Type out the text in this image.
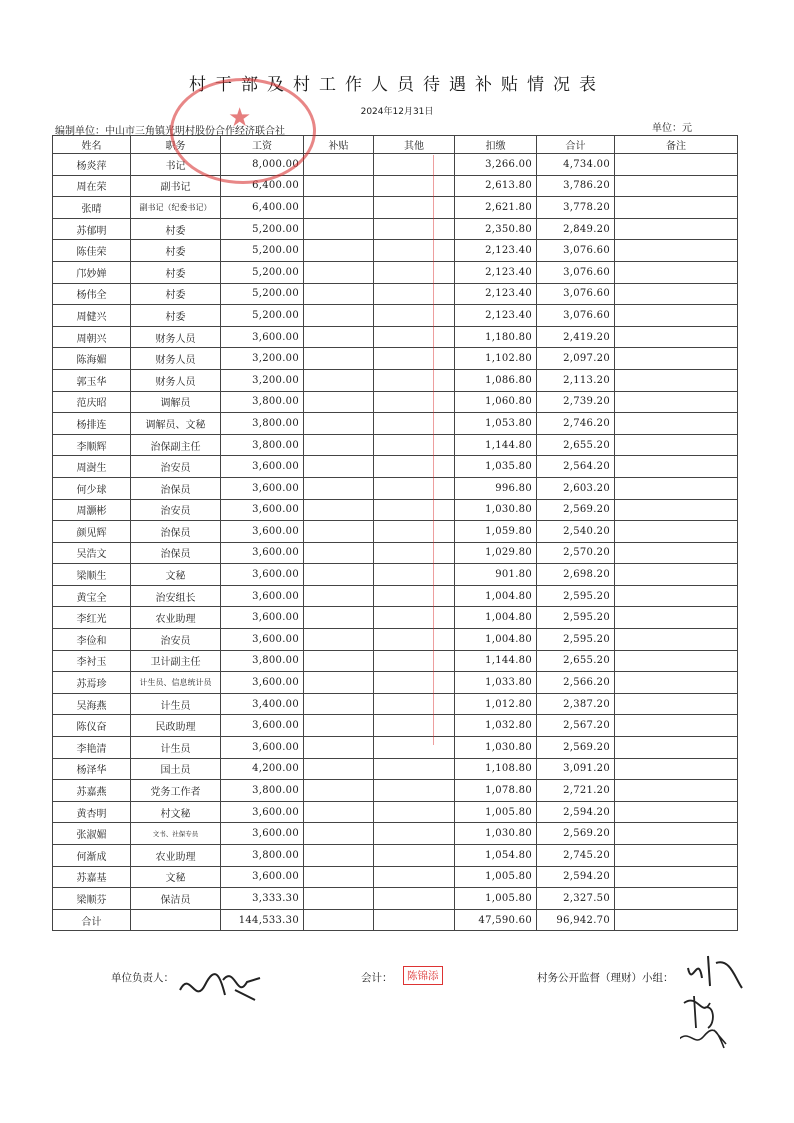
村干部及村工作人员待遇补贴情况表
2024年12月31日
编制单位：中山市三角镇光明村股份合作经济联合社	单位：元
姓名	职务	工资	补贴	其他	扣缴	合计	备注
杨炎萍	书记	8,000.00			3,266.00	4,734.00	
周在荣	副书记	6,400.00			2,613.80	3,786.20	
张晴	副书记（纪委书记）	6,400.00			2,621.80	3,778.20	
苏郁明	村委	5,200.00			2,350.80	2,849.20	
陈佳荣	村委	5,200.00			2,123.40	3,076.60	
邝妙婵	村委	5,200.00			2,123.40	3,076.60	
杨伟全	村委	5,200.00			2,123.40	3,076.60	
周健兴	村委	5,200.00			2,123.40	3,076.60	
周朝兴	财务人员	3,600.00			1,180.80	2,419.20	
陈海媚	财务人员	3,200.00			1,102.80	2,097.20	
郭玉华	财务人员	3,200.00			1,086.80	2,113.20	
范庆昭	调解员	3,800.00			1,060.80	2,739.20	
杨排连	调解员、文秘	3,800.00			1,053.80	2,746.20	
李顺辉	治保副主任	3,800.00			1,144.80	2,655.20	
周澍生	治安员	3,600.00			1,035.80	2,564.20	
何少球	治保员	3,600.00			996.80	2,603.20	
周灏彬	治安员	3,600.00			1,030.80	2,569.20	
颜见辉	治保员	3,600.00			1,059.80	2,540.20	
吴浩文	治保员	3,600.00			1,029.80	2,570.20	
梁顺生	文秘	3,600.00			901.80	2,698.20	
黄宝全	治安组长	3,600.00			1,004.80	2,595.20	
李红光	农业助理	3,600.00			1,004.80	2,595.20	
李俭和	治安员	3,600.00			1,004.80	2,595.20	
李衬玉	卫计副主任	3,800.00			1,144.80	2,655.20	
苏焉珍	计生员、信息统计员	3,600.00			1,033.80	2,566.20	
吴海燕	计生员	3,400.00			1,012.80	2,387.20	
陈仪奋	民政助理	3,600.00			1,032.80	2,567.20	
李艳清	计生员	3,600.00			1,030.80	2,569.20	
杨泽华	国土员	4,200.00			1,108.80	3,091.20	
苏嘉燕	党务工作者	3,800.00			1,078.80	2,721.20	
黄杏明	村文秘	3,600.00			1,005.80	2,594.20	
张淑媚	文书、社保专员	3,600.00			1,030.80	2,569.20	
何渐成	农业助理	3,800.00			1,054.80	2,745.20	
苏嘉基	文秘	3,600.00			1,005.80	2,594.20	
梁顺芬	保洁员	3,333.30			1,005.80	2,327.50	
合计		144,533.30			47,590.60	96,942.70	
★
单位负责人：	会计：	陈锦添	村务公开监督（理财）小组：
